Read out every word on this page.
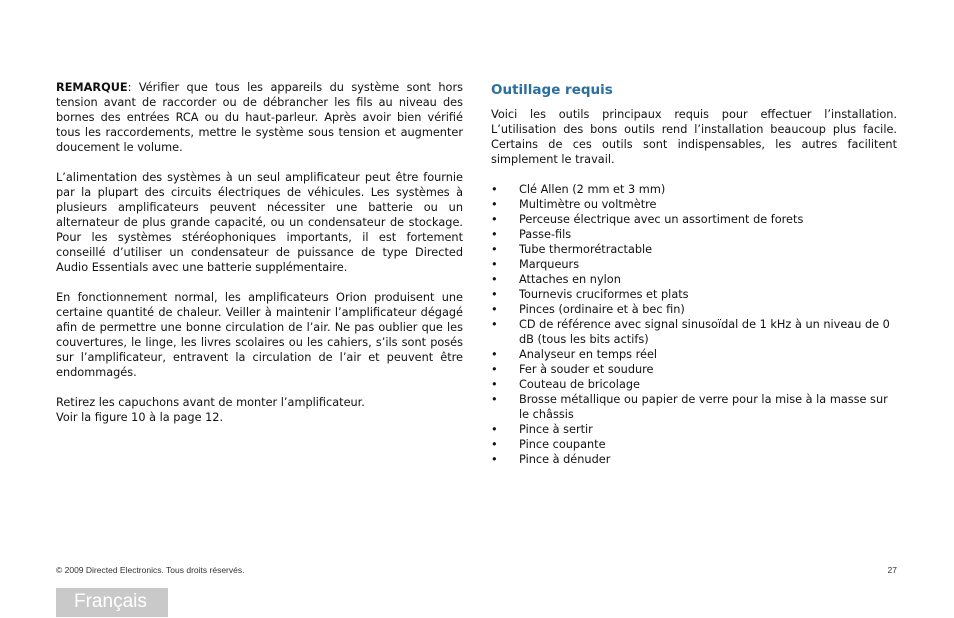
REMARQUE: Vérifier que tous les appareils du système sont hors tension avant de raccorder ou de débrancher les fils au niveau des bornes des entrées RCA ou du haut-parleur. Après avoir bien vérifié tous les raccordements, mettre le système sous tension et augmenter doucement le volume.

L’alimentation des systèmes à un seul amplificateur peut être fournie par la plupart des circuits électriques de véhicules. Les systèmes à plusieurs amplificateurs peuvent nécessiter une batterie ou un alternateur de plus grande capacité, ou un condensateur de stockage. Pour les systèmes stéréophoniques importants, il est fortement conseillé d’utiliser un condensateur de puissance de type Directed Audio Essentials avec une batterie supplémentaire.

En fonctionnement normal, les amplificateurs Orion produisent une certaine quantité de chaleur. Veiller à maintenir l’amplificateur dégagé afin de permettre une bonne circulation de l’air. Ne pas oublier que les couvertures, le linge, les livres scolaires ou les cahiers, s’ils sont posés sur l’amplificateur, entravent la circulation de l’air et peuvent être endommagés.

Retirez les capuchons avant de monter l’amplificateur.

Voir la figure 10 à la page 12.

Outillage requis
Voici les outils principaux requis pour effectuer l’installation. L’utilisation des bons outils rend l’installation beaucoup plus facile. Certains de ces outils sont indispensables, les autres facilitent simplement le travail.
• Clé Allen (2 mm et 3 mm)
• Multimètre ou voltmètre
• Perceuse électrique avec un assortiment de forets
• Passe-fils
• Tube thermorétractable
• Marqueurs
• Attaches en nylon
• Tournevis cruciformes et plats
• Pinces (ordinaire et à bec fin)
• CD de référence avec signal sinusoïdal de 1 kHz à un niveau de 0 dB (tous les bits actifs)
• Analyseur en temps réel
• Fer à souder et soudure
• Couteau de bricolage
• Brosse métallique ou papier de verre pour la mise à la masse sur le châssis
• Pince à sertir
• Pince coupante
• Pince à dénuder
© 2009 Directed Electronics. Tous droits réservés.	27
Français
